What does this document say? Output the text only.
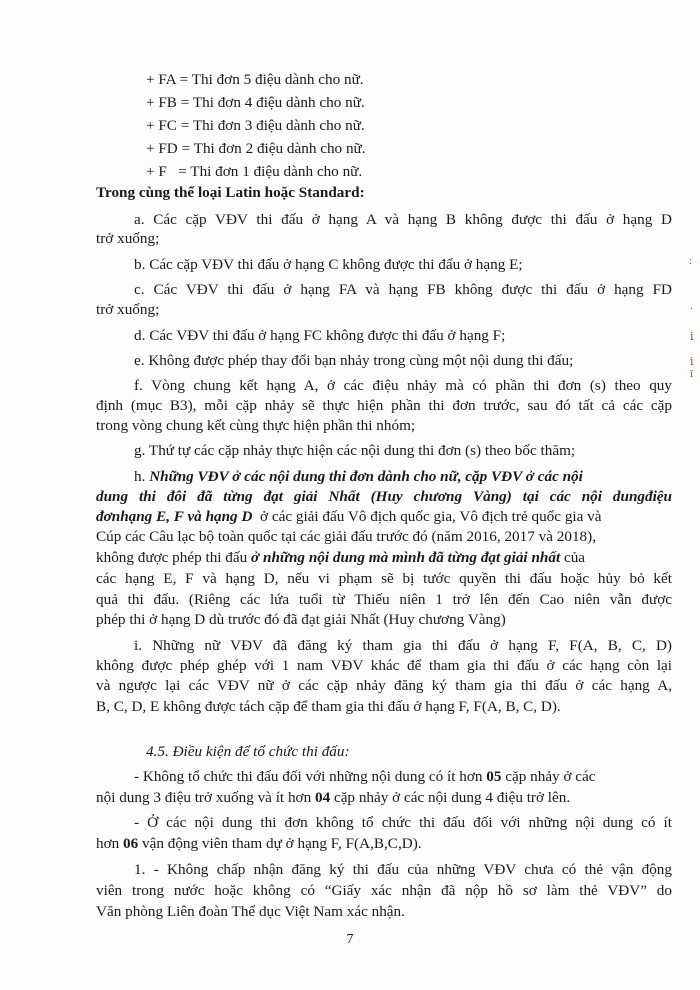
+ FA = Thi đơn 5 điệu dành cho nữ.
+ FB = Thi đơn 4 điệu dành cho nữ.
+ FC = Thi đơn 3 điệu dành cho nữ.
+ FD = Thi đơn 2 điệu dành cho nữ.
+ F   = Thi đơn 1 điệu dành cho nữ.
Trong cùng thể loại Latin hoặc Standard:
a. Các cặp VĐV thi đấu ở hạng A và hạng B không được thi đấu ở hạng D
trở xuống;
b. Các cặp VĐV thi đấu ở hạng C không được thi đấu ở hạng E;
c. Các VĐV thi đấu ở hạng FA và hạng FB không được thi đấu ở hạng FD
trở xuống;
d. Các VĐV thi đấu ở hạng FC không được thi đấu ở hạng F;
e. Không được phép thay đổi bạn nhảy trong cùng một nội dung thi đấu;
f. Vòng chung kết hạng A, ở các điệu nhảy mà có phần thi đơn (s) theo quy
định (mục B3), mỗi cặp nhảy sẽ thực hiện phần thi đơn trước, sau đó tất cả các cặp
trong vòng chung kết cùng thực hiện phần thi nhóm;
g. Thứ tự các cặp nhảy thực hiện các nội dung thi đơn (s) theo bốc thăm;
h. Những VĐV ở các nội dung thi đơn dành cho nữ, cặp VĐV ở các nội
dung thi đôi đã từng đạt giải Nhất (Huy chương Vàng) tại các nội dungđiệu
đơnhạng E, F và hạng D ở các giải đấu Vô địch quốc gia, Vô địch trẻ quốc gia và
Cúp các Câu lạc bộ toàn quốc tại các giải đấu trước đó (năm 2016, 2017 và 2018),
không được phép thi đấu ở những nội dung mà mình đã từng đạt giải nhất của
các hạng E, F và hạng D, nếu vi phạm sẽ bị tước quyền thi đấu hoặc hủy bỏ kết
quả thi đấu. (Riêng các lứa tuổi từ Thiếu niên 1 trở lên đến Cao niên vẫn được
phép thi ở hạng D dù trước đó đã đạt giải Nhất (Huy chương Vàng)
i. Những nữ VĐV đã đăng ký tham gia thi đấu ở hạng F, F(A, B, C, D)
không được phép ghép với 1 nam VĐV khác để tham gia thi đấu ở các hạng còn lại
và ngược lại các VĐV nữ ở các cặp nhảy đăng ký tham gia thi đấu ở các hạng A,
B, C, D, E không được tách cặp để tham gia thi đấu ở hạng F, F(A, B, C, D).
4.5. Điều kiện để tổ chức thi đấu:
- Không tổ chức thi đấu đối với những nội dung có ít hơn 05 cặp nhảy ở các
nội dung 3 điệu trở xuống và ít hơn 04 cặp nhảy ở các nội dung 4 điệu trở lên.
- Ở các nội dung thi đơn không tổ chức thi đấu đối với những nội dung có ít
hơn 06 vận động viên tham dự ở hạng F, F(A,B,C,D).
1. - Không chấp nhận đăng ký thi đấu của những VĐV chưa có thẻ vận động
viên trong nước hoặc không có “Giấy xác nhận đã nộp hồ sơ làm thẻ VĐV” do
Văn phòng Liên đoàn Thể dục Việt Nam xác nhận.
7
:
.
ⅰ
ⅰ
ī
